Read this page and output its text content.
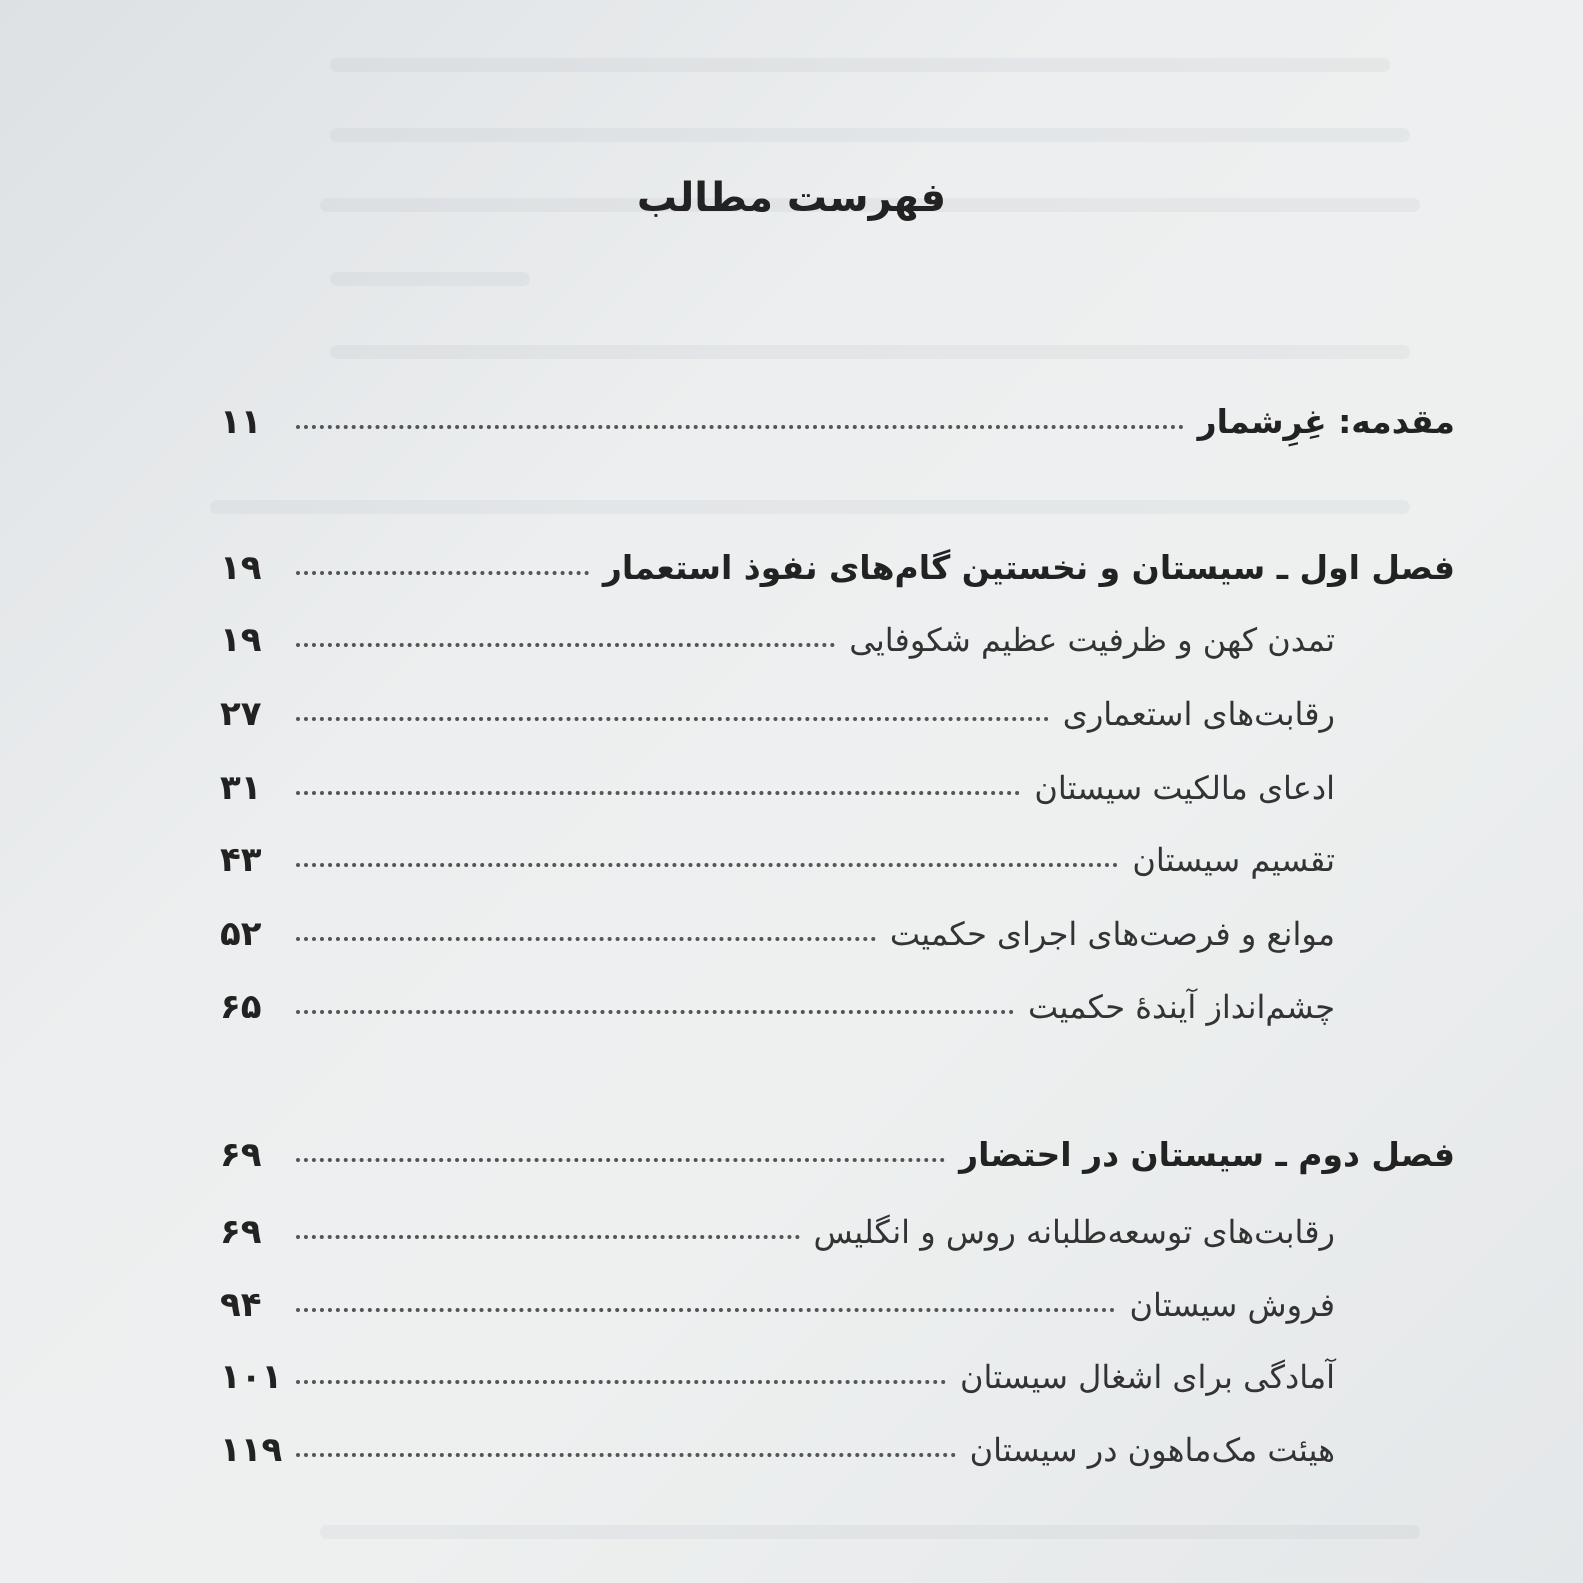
فهرست مطالب
مقدمه: غِرِشمار
۱۱
فصل اول ـ سیستان و نخستین گام‌های نفوذ استعمار
۱۹
تمدن کهن و ظرفیت عظیم شکوفایی
۱۹
رقابت‌های استعماری
۲۷
ادعای مالکیت سیستان
۳۱
تقسیم سیستان
۴۳
موانع و فرصت‌های اجرای حکمیت
۵۲
چشم‌انداز آیندهٔ حکمیت
۶۵
فصل دوم ـ سیستان در احتضار
۶۹
رقابت‌های توسعه‌طلبانه روس و انگلیس
۶۹
فروش سیستان
۹۴
آمادگی برای اشغال سیستان
۱۰۱
هیئت مک‌ماهون در سیستان
۱۱۹
